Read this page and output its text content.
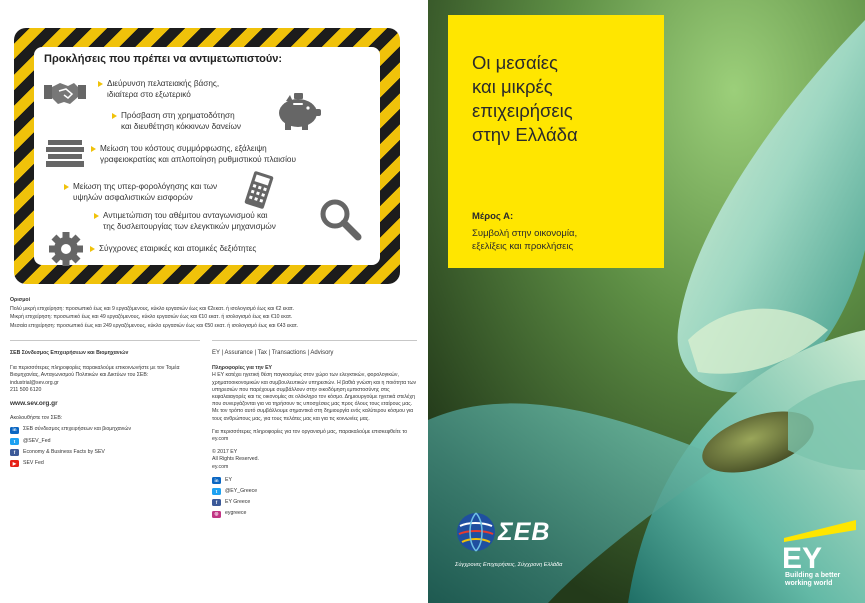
Προκλήσεις που πρέπει να αντιμετωπιστούν:
Διεύρυνση πελατειακής βάσης,
ιδιαίτερα στο εξωτερικό
Πρόσβαση στη χρηματοδότηση
και διευθέτηση κόκκινων δανείων
Μείωση του κόστους συμμόρφωσης, εξάλειψη
γραφειοκρατίας και απλοποίηση ρυθμιστικού πλαισίου
Μείωση της υπερ-φορολόγησης και των
υψηλών ασφαλιστικών εισφορών
Αντιμετώπιση του αθέμιτου ανταγωνισμού και
της δυσλειτουργίας των ελεγκτικών μηχανισμών
Σύγχρονες εταιρικές και ατομικές δεξιότητες
Ορισμοί
Πολύ μικρή επιχείρηση: προσωπικό έως και 9 εργαζόμενους, κύκλο εργασιών έως και €2εκατ. ή ισολογισμό έως και €2 εκατ.
Μικρή επιχείρηση: προσωπικό έως και 49 εργαζόμενους, κύκλο εργασιών έως και €10 εκατ. ή ισολογισμό έως και €10 εκατ.
Μεσαία επιχείρηση: προσωπικό έως και 249 εργαζόμενους, κύκλο εργασιών έως και €50 εκατ. ή ισολογισμό έως και €43 εκατ.
ΣΕΒ Σύνδεσμος Επιχειρήσεων και Βιομηχανιών
Για περισσότερες πληροφορίες παρακαλούμε επικοινωνήστε με τον Τομέα Βιομηχανίας, Ανταγωνισμού Πολιτικών και Δικτύων του ΣΕΒ:
industrial@sev.org.gr
211 500 6120
www.sev.org.gr
Ακολουθήστε τον ΣΕΒ:
in	ΣΕΒ σύνδεσμος επιχειρήσεων και βιομηχανιών
t	@SEV_Fed
f	Economy & Business Facts by SEV
▶	SEV Fed
EY | Assurance | Tax | Transactions | Advisory
Πληροφορίες για την EY
Η EY κατέχει ηγετική θέση παγκοσμίως στον χώρο των ελεγκτικών, φορολογικών, χρηματοοικονομικών και συμβουλευτικών υπηρεσιών. Η βαθιά γνώση και η ποιότητα των υπηρεσιών που παρέχουμε συμβάλλουν στην οικοδόμηση εμπιστοσύνης στις κεφαλαιαγορές και τις οικονομίες σε ολόκληρο τον κόσμο. Δημιουργούμε ηγετικά στελέχη που συνεργάζονται για να τηρήσουν τις υποσχέσεις μας προς όλους τους εταίρους μας. Με τον τρόπο αυτό συμβάλλουμε σημαντικά στη δημιουργία ενός καλύτερου κόσμου για τους ανθρώπους μας, για τους πελάτες μας και για τις κοινωνίες μας.
Για περισσότερες πληροφορίες για τον οργανισμό μας, παρακαλούμε επισκεφθείτε το ey.com
© 2017 EY
All Rights Reserved.
ey.com
in	EY
t	@EY_Greece
f	EY Greece
◎	eygreece
Οι μεσαίες
και μικρές
επιχειρήσεις
στην Ελλάδα
Μέρος Α:
Συμβολή στην οικονομία,
εξελίξεις και προκλήσεις
ΣΕΒ
Σύγχρονες Επιχειρήσεις, Σύγχρονη Ελλάδα	EY
Building a better
working world
